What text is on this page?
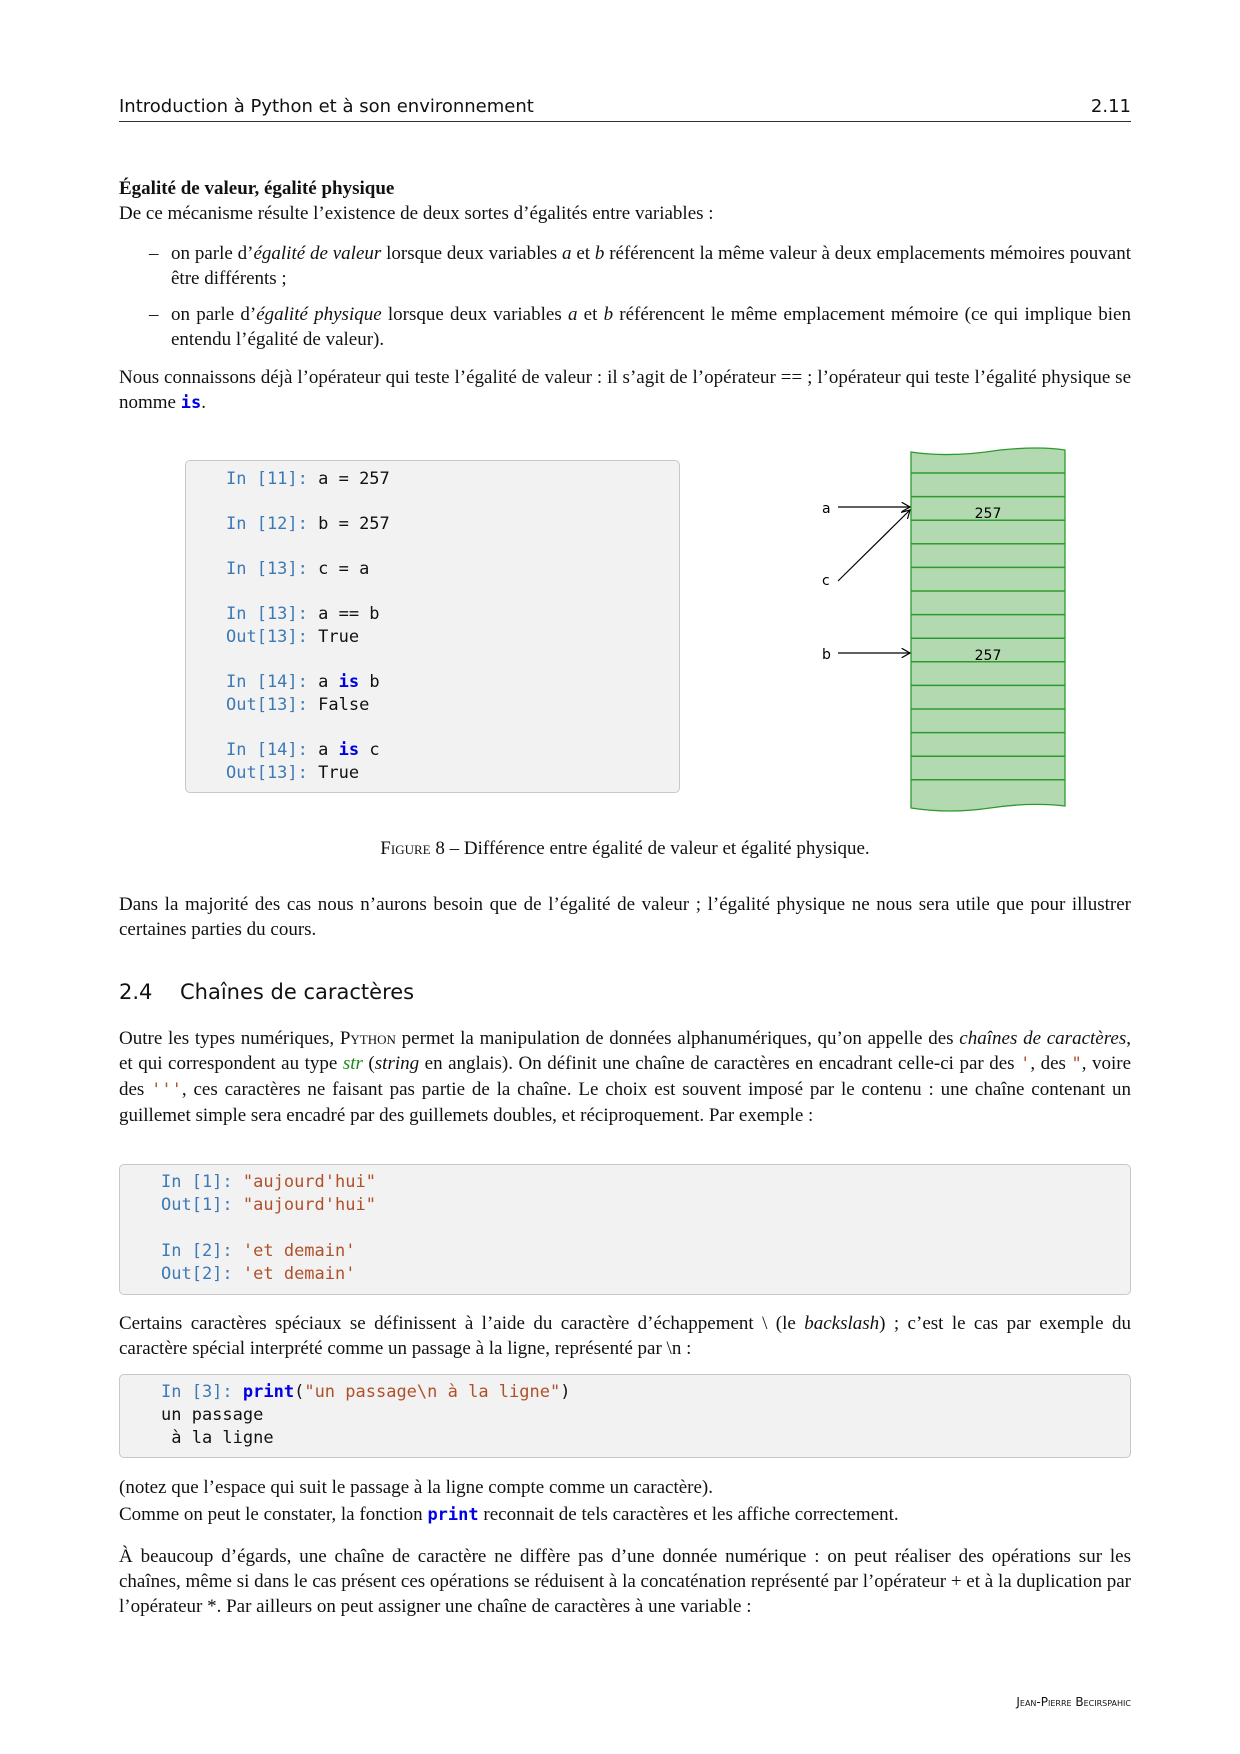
Introduction à Python et à son environnement	2.11
Égalité de valeur, égalité physique
De ce mécanisme résulte l’existence de deux sortes d’égalités entre variables :
– on parle d’égalité de valeur lorsque deux variables a et b référencent la même valeur à deux emplacements mémoires pouvant être différents ;
– on parle d’égalité physique lorsque deux variables a et b référencent le même emplacement mémoire (ce qui implique bien entendu l’égalité de valeur).
Nous connaissons déjà l’opérateur qui teste l’égalité de valeur : il s’agit de l’opérateur == ; l’opérateur qui teste l’égalité physique se nomme is.
In [11]: a = 257
In [12]: b = 257
In [13]: c = a
In [13]: a == b
Out[13]: True
In [14]: a is b
Out[13]: False
In [14]: a is c
Out[13]: True
a
c
b
257
257
Figure 8 – Différence entre égalité de valeur et égalité physique.
Dans la majorité des cas nous n’aurons besoin que de l’égalité de valeur ; l’égalité physique ne nous sera utile que pour illustrer certaines parties du cours.
2.4 Chaînes de caractères
Outre les types numériques, Python permet la manipulation de données alphanumériques, qu’on appelle des chaînes de caractères, et qui correspondent au type str (string en anglais). On définit une chaîne de caractères en encadrant celle-ci par des ', des ", voire des ''', ces caractères ne faisant pas partie de la chaîne. Le choix est souvent imposé par le contenu : une chaîne contenant un guillemet simple sera encadré par des guillemets doubles, et réciproquement. Par exemple :
In [1]: "aujourd'hui"
Out[1]: "aujourd'hui"
In [2]: 'et demain'
Out[2]: 'et demain'
Certains caractères spéciaux se définissent à l’aide du caractère d’échappement \ (le backslash) ; c’est le cas par exemple du caractère spécial interprété comme un passage à la ligne, représenté par \n :
In [3]: print("un passage\n à la ligne")
un passage
à la ligne
(notez que l’espace qui suit le passage à la ligne compte comme un caractère).
Comme on peut le constater, la fonction print reconnait de tels caractères et les affiche correctement.
À beaucoup d’égards, une chaîne de caractère ne diffère pas d’une donnée numérique : on peut réaliser des opérations sur les chaînes, même si dans le cas présent ces opérations se réduisent à la concaténation représenté par l’opérateur + et à la duplication par l’opérateur *. Par ailleurs on peut assigner une chaîne de caractères à une variable :
Jean-Pierre Becirspahic
